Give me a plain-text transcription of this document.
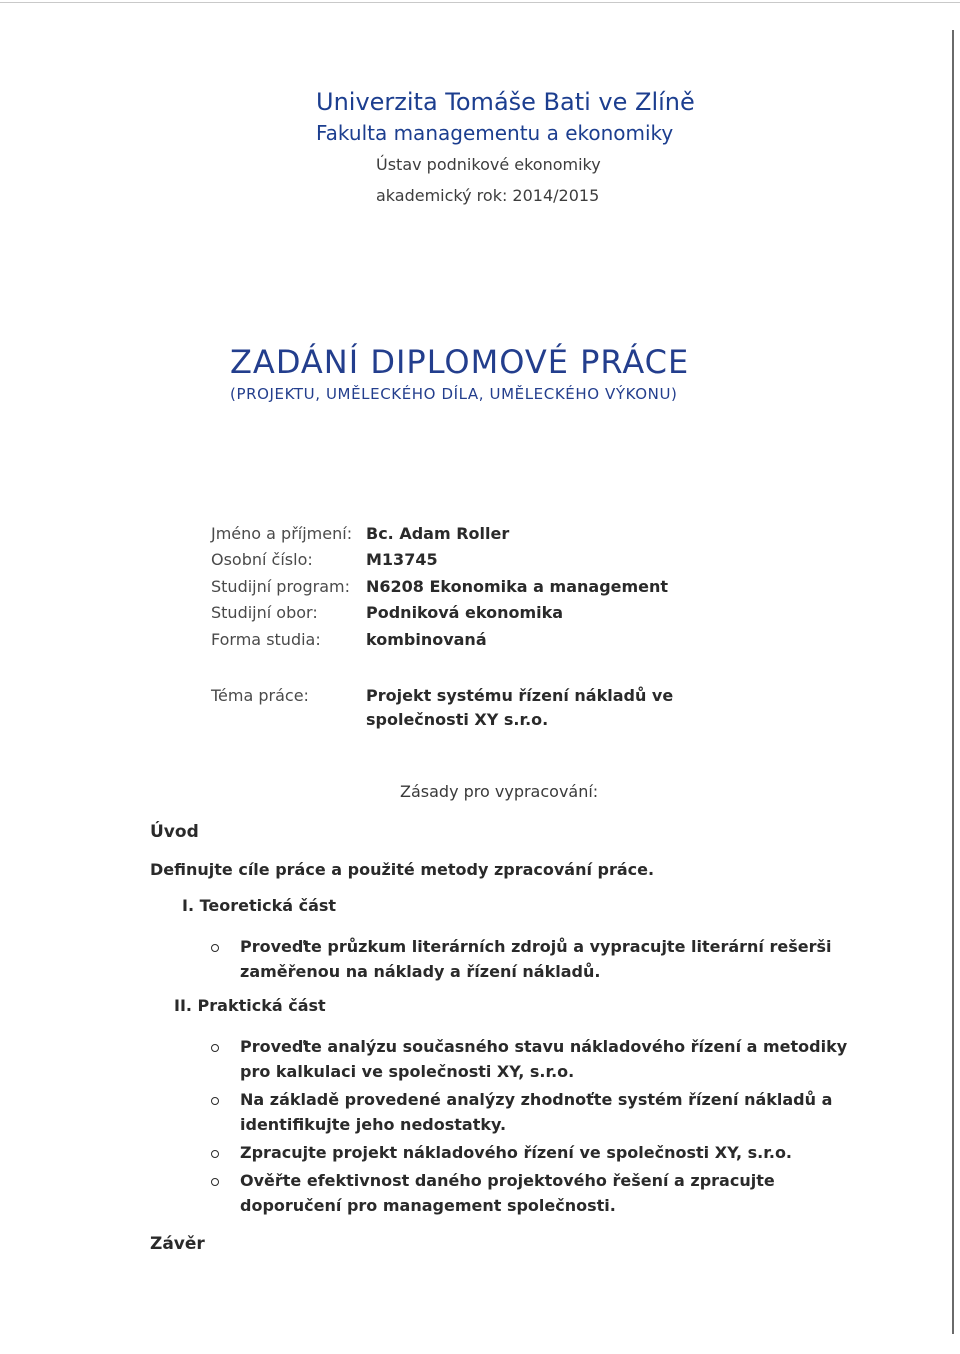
Univerzita Tomáše Bati ve Zlíně

Fakulta managementu a ekonomiky

Ústav podnikové ekonomiky

akademický rok: 2014/2015

ZADÁNÍ DIPLOMOVÉ PRÁCE

(PROJEKTU, UMĚLECKÉHO DÍLA, UMĚLECKÉHO VÝKONU)

Jméno a příjmení: Bc. Adam Roller
Osobní číslo:	M13745
Studijní program:	N6208 Ekonomika a management
Studijní obor:	Podniková ekonomika
Forma studia:	kombinovaná
Téma práce:	Projekt systému řízení nákladů ve společnosti XY s.r.o.
Zásady pro vypracování:
Úvod
Definujte cíle práce a použité metody zpracování práce.
I. Teoretická část
Proveďte průzkum literárních zdrojů a vypracujte literární rešerši zaměřenou na náklady a řízení nákladů.
II. Praktická část
Proveďte analýzu současného stavu nákladového řízení a metodiky pro kalkulaci ve společnosti XY, s.r.o.
Na základě provedené analýzy zhodnoťte systém řízení nákladů a identifikujte jeho nedostatky.
Zpracujte projekt nákladového řízení ve společnosti XY, s.r.o.
Ověřte efektivnost daného projektového řešení a zpracujte doporučení pro management společnosti.
Závěr
